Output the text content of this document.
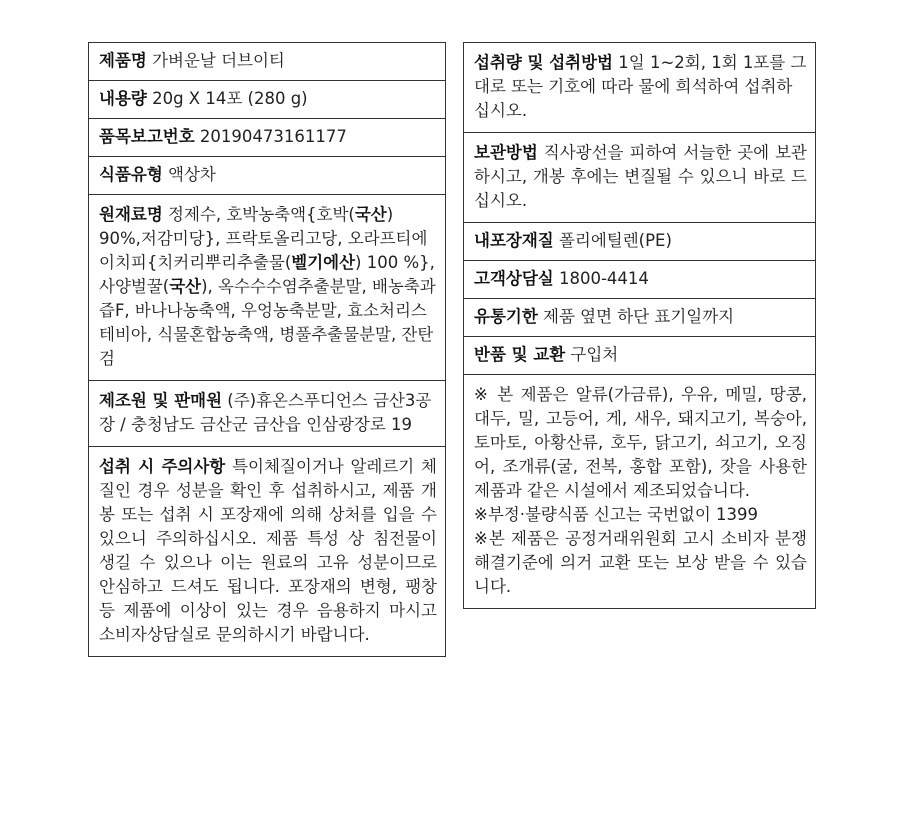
제품명 가벼운날 더브이티
내용량 20g X 14포 (280 g)
품목보고번호 20190473161177
식품유형 액상차
원재료명 정제수, 호박농축액{호박(국산) 90%,저감미당}, 프락토올리고당, 오라프티에이치피{치커리뿌리추출물(벨기에산) 100 %}, 사양벌꿀(국산), 옥수수수염추출분말, 배농축과즙F, 바나나농축액, 우엉농축분말, 효소처리스테비아, 식물혼합농축액, 병풀추출물분말, 잔탄검
제조원 및 판매원 (주)휴온스푸디언스 금산3공장 / 충청남도 금산군 금산읍 인삼광장로 19
섭취 시 주의사항 특이체질이거나 알레르기 체질인 경우 성분을 확인 후 섭취하시고, 제품 개봉 또는 섭취 시 포장재에 의해 상처를 입을 수 있으니 주의하십시오. 제품 특성 상 침전물이 생길 수 있으나 이는 원료의 고유 성분이므로 안심하고 드셔도 됩니다. 포장재의 변형, 팽창 등 제품에 이상이 있는 경우 음용하지 마시고 소비자상담실로 문의하시기 바랍니다.
섭취량 및 섭취방법 1일 1~2회, 1회 1포를 그대로 또는 기호에 따라 물에 희석하여 섭취하십시오.
보관방법 직사광선을 피하여 서늘한 곳에 보관하시고, 개봉 후에는 변질될 수 있으니 바로 드십시오.
내포장재질 폴리에틸렌(PE)
고객상담실 1800-4414
유통기한 제품 옆면 하단 표기일까지
반품 및 교환 구입처
※ 본 제품은 알류(가금류), 우유, 메밀, 땅콩, 대두, 밀, 고등어, 게, 새우, 돼지고기, 복숭아, 토마토, 아황산류, 호두, 닭고기, 쇠고기, 오징어, 조개류(굴, 전복, 홍합 포함), 잣을 사용한 제품과 같은 시설에서 제조되었습니다.
※부정·불량식품 신고는 국번없이 1399
※본 제품은 공정거래위원회 고시 소비자 분쟁해결기준에 의거 교환 또는 보상 받을 수 있습니다.
